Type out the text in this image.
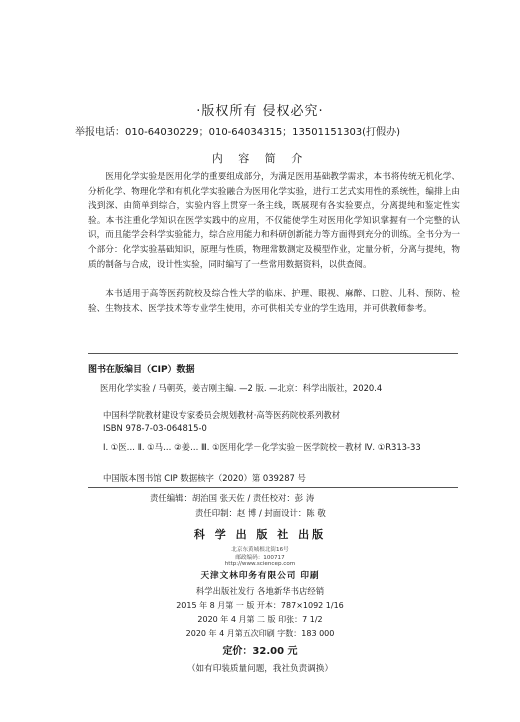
·版权所有 侵权必究·
举报电话：010-64030229；010-64034315；13501151303(打假办)
内 容 简 介
医用化学实验是医用化学的重要组成部分，为满足医用基础教学需求，本书将传统无机化学、分析化学、物理化学和有机化学实验融合为医用化学实验，进行工艺式实用性的系统性，编排上由浅到深、由简单到综合，实验内容上贯穿一条主线，既展现有各实验要点，分离提纯和鉴定性实验。本书注重化学知识在医学实践中的应用，不仅能使学生对医用化学知识掌握有一个完整的认识，而且能学会科学实验能力，综合应用能力和科研创新能力等方面得到充分的训练。全书分为一个部分：化学实验基础知识，原理与性质，物理常数测定及模型作业，定量分析，分离与提纯，物质的制备与合成，设计性实验，同时编写了一些常用数据资料，以供查阅。
本书适用于高等医药院校及综合性大学的临床、护理、眼视、麻醉、口腔、儿科、预防、检验、生物技术、医学技术等专业学生使用，亦可供相关专业的学生选用，并可供教师参考。
图书在版编目（CIP）数据
医用化学实验 / 马朝英，姜吉刚主编. —2 版. —北京：科学出版社，2020.4
中国科学院教材建设专家委员会规划教材·高等医药院校系列教材
ISBN 978-7-03-064815-0
Ⅰ. ①医… Ⅱ. ①马… ②姜… Ⅲ. ①医用化学－化学实验－医学院校－教材 Ⅳ. ①R313-33
中国版本图书馆 CIP 数据核字（2020）第 039287 号
责任编辑：胡治国 张天佐 / 责任校对：彭 涛
责任印制：赵 博 / 封面设计：陈 敬
科 学 出 版 社 出版
北京东黄城根北街16号
邮政编码：100717
http://www.sciencep.com
天津文林印务有限公司 印刷
科学出版社发行 各地新华书店经销
2015 年 8 月第 一 版 开本：787×1092 1/16
2020 年 4 月第 二 版 印张：7 1/2
2020 年 4 月第五次印刷 字数：183 000
定价：32.00 元
（如有印装质量问题，我社负责调换）
